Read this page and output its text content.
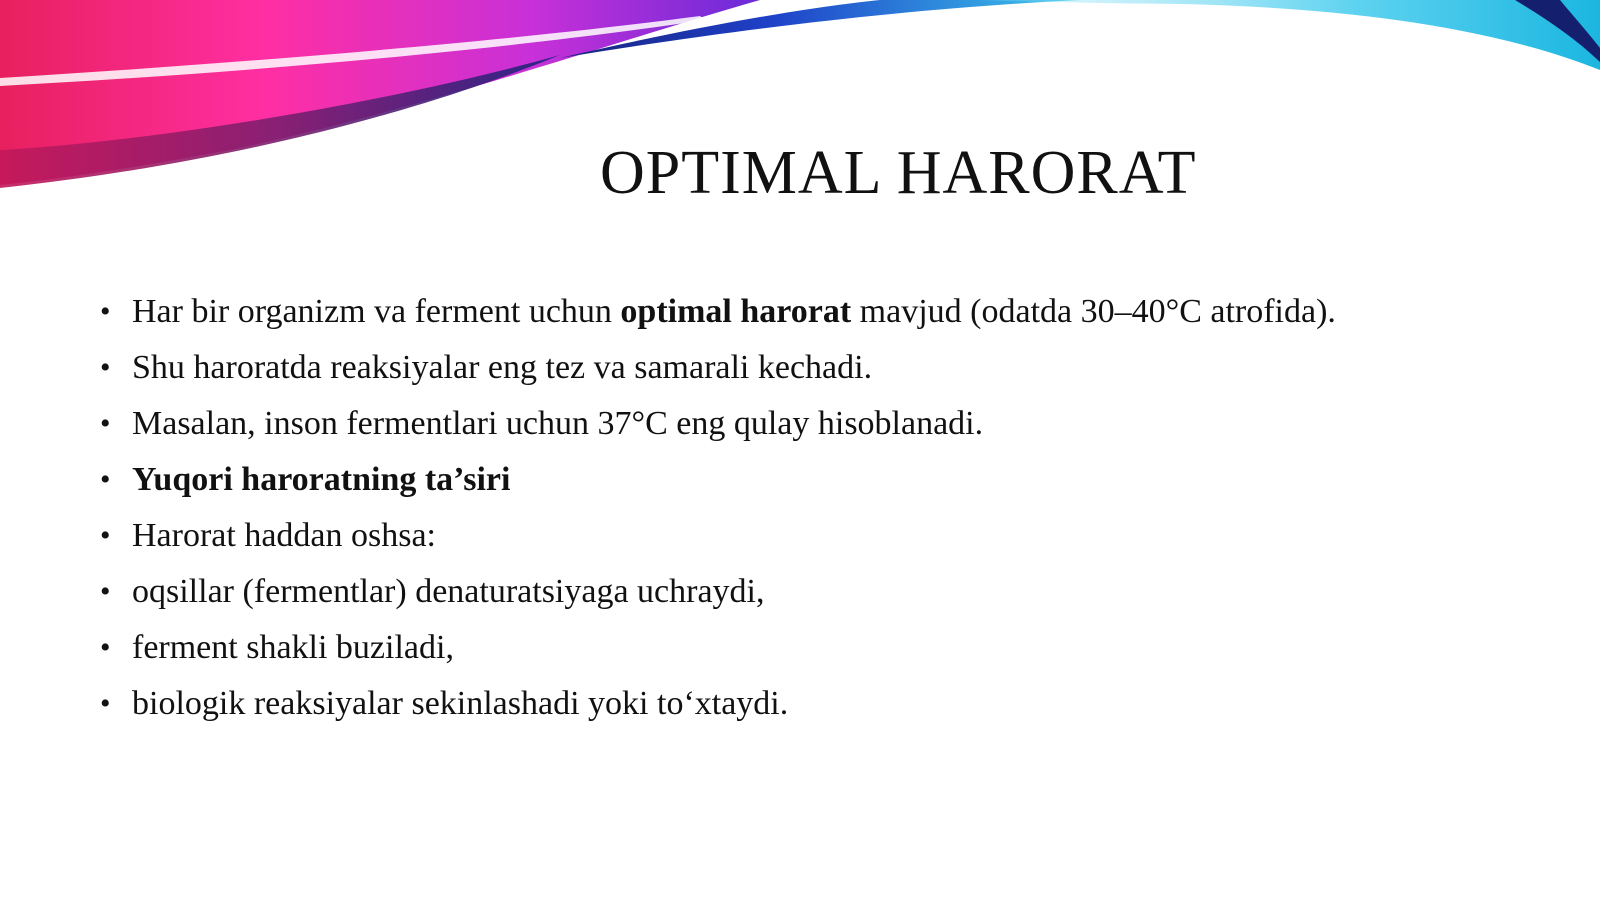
OPTIMAL HARORAT
• Har bir organizm va ferment uchun optimal harorat mavjud (odatda 30–40°C atrofida).
• Shu haroratda reaksiyalar eng tez va samarali kechadi.
• Masalan, inson fermentlari uchun 37°C eng qulay hisoblanadi.
• Yuqori haroratning ta’siri
• Harorat haddan oshsa:
• oqsillar (fermentlar) denaturatsiyaga uchraydi,
• ferment shakli buziladi,
• biologik reaksiyalar sekinlashadi yoki to‘xtaydi.
